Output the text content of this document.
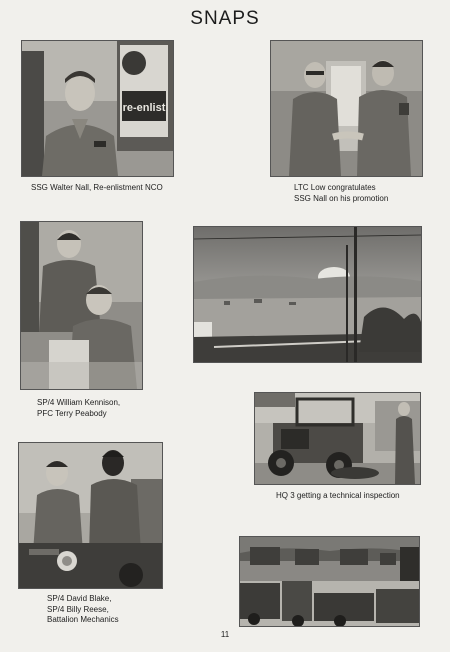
SNAPS
re-enlist
SSG Walter Nall, Re-enlistment NCO	LTC Low congratulates
SSG Nall on his promotion
SP/4 William Kennison,
PFC Terry Peabody
HQ 3 getting a technical inspection
SP/4 David Blake,
SP/4 Billy Reese,
Battalion Mechanics
11
